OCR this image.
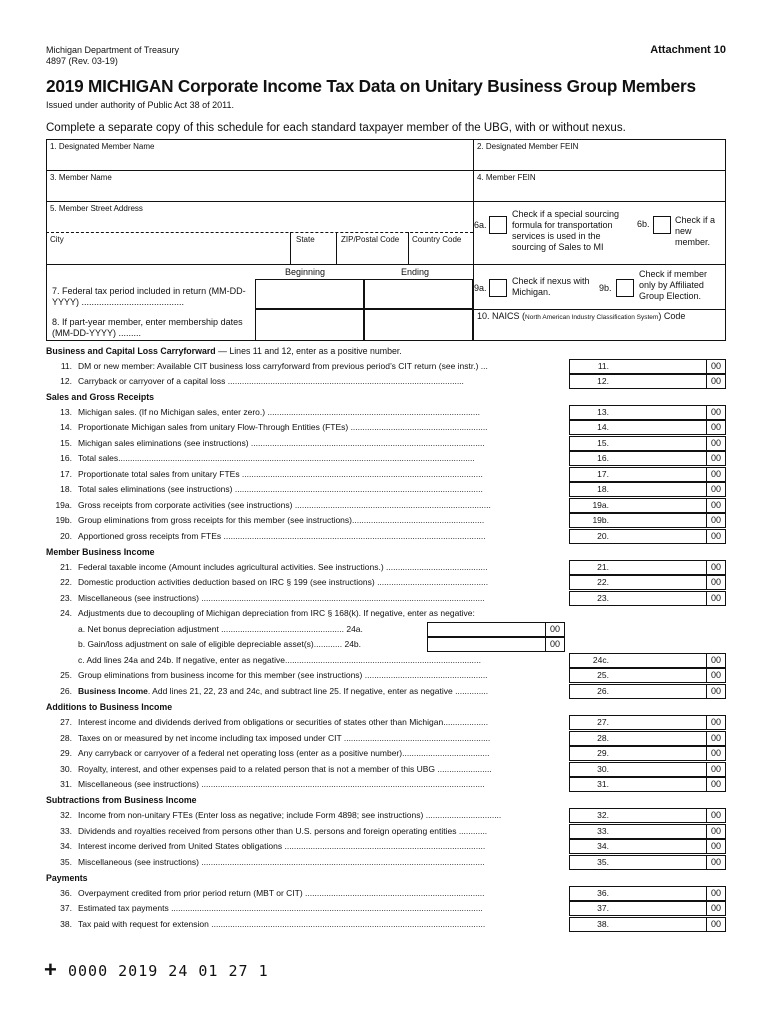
Michigan Department of Treasury
4897 (Rev. 03-19)
Attachment 10
2019 MICHIGAN Corporate Income Tax Data on Unitary Business Group Members
Issued under authority of Public Act 38 of 2011.
Complete a separate copy of this schedule for each standard taxpayer member of the UBG, with or without nexus.
1. Designated Member Name	2. Designated Member FEIN
3. Member Name	4. Member FEIN
5. Member Street Address
City	State	ZIP/Postal Code Country Code
6a.
Check if a special sourcing formula for transportation services is used in the sourcing of Sales to MI
6b.	Check if a new member.
Beginning	Ending
7. Federal tax period included in return (MM-DD-YYYY) .........................................
8. If part-year member, enter membership dates (MM-DD-YYYY) .........
9a.
Check if nexus with Michigan.	9b.
Check if member only by Affiliated Group Election.
10. NAICS (North American Industry Classification System) Code
Business and Capital Loss Carryforward — Lines 11 and 12, enter as a positive number.
11. DM or new member: Available CIT business loss carryforward from previous period’s CIT return (see instr.) ...	11.	00
12. Carryback or carryover of a capital loss ....................................................................................................	12.	00
Sales and Gross Receipts
13. Michigan sales. (If no Michigan sales, enter zero.) ..........................................................................................	13.	00
14. Proportionate Michigan sales from unitary Flow-Through Entities (FTEs) ..........................................................	14.	00
15. Michigan sales eliminations (see instructions) ...................................................................................................	15.	00
16. Total sales.......................................................................................................................................................	16.	00
17. Proportionate total sales from unitary FTEs ......................................................................................................	17.	00
18. Total sales eliminations (see instructions) .........................................................................................................	18.	00
19a. Gross receipts from corporate activities (see instructions) ...................................................................................	19a.	00
19b. Group eliminations from gross receipts for this member (see instructions)........................................................	19b.	00
20. Apportioned gross receipts from FTEs ...............................................................................................................	20.	00
Member Business Income
21. Federal taxable income (Amount includes agricultural activities. See instructions.) ...........................................	21.	00
22. Domestic production activities deduction based on IRC § 199 (see instructions) ...............................................	22.	00
23. Miscellaneous (see instructions) ........................................................................................................................	23.	00
24. Adjustments due to decoupling of Michigan depreciation from IRC § 168(k). If negative, enter as negative:
a. Net bonus depreciation adjustment .................................................... 24a.	00
b. Gain/loss adjustment on sale of eligible depreciable asset(s)............ 24b.	00
c. Add lines 24a and 24b. If negative, enter as negative...................................................................................	24c.	00
25. Group eliminations from business income for this member (see instructions) ....................................................	25.	00
26. Business Income. Add lines 21, 22, 23 and 24c, and subtract line 25. If negative, enter as negative ..............	26.	00
Additions to Business Income
27. Interest income and dividends derived from obligations or securities of states other than Michigan...................	27.	00
28. Taxes on or measured by net income including tax imposed under CIT ..............................................................	28.	00
29. Any carryback or carryover of a federal net operating loss (enter as a positive number).....................................	29.	00
30. Royalty, interest, and other expenses paid to a related person that is not a member of this UBG .......................	30.	00
31. Miscellaneous (see instructions) ........................................................................................................................	31.	00
Subtractions from Business Income
32. Income from non-unitary FTEs (Enter loss as negative; include Form 4898; see instructions) ................................	32.	00
33. Dividends and royalties received from persons other than U.S. persons and foreign operating entities ............	33.	00
34. Interest income derived from United States obligations .....................................................................................	34.	00
35. Miscellaneous (see instructions) ........................................................................................................................	35.	00
Payments
36. Overpayment credited from prior period return (MBT or CIT) ............................................................................	36.	00
37. Estimated tax payments ....................................................................................................................................	37.	00
38. Tax paid with request for extension ....................................................................................................................	38.	00
+ 0000 2019 24 01 27 1
